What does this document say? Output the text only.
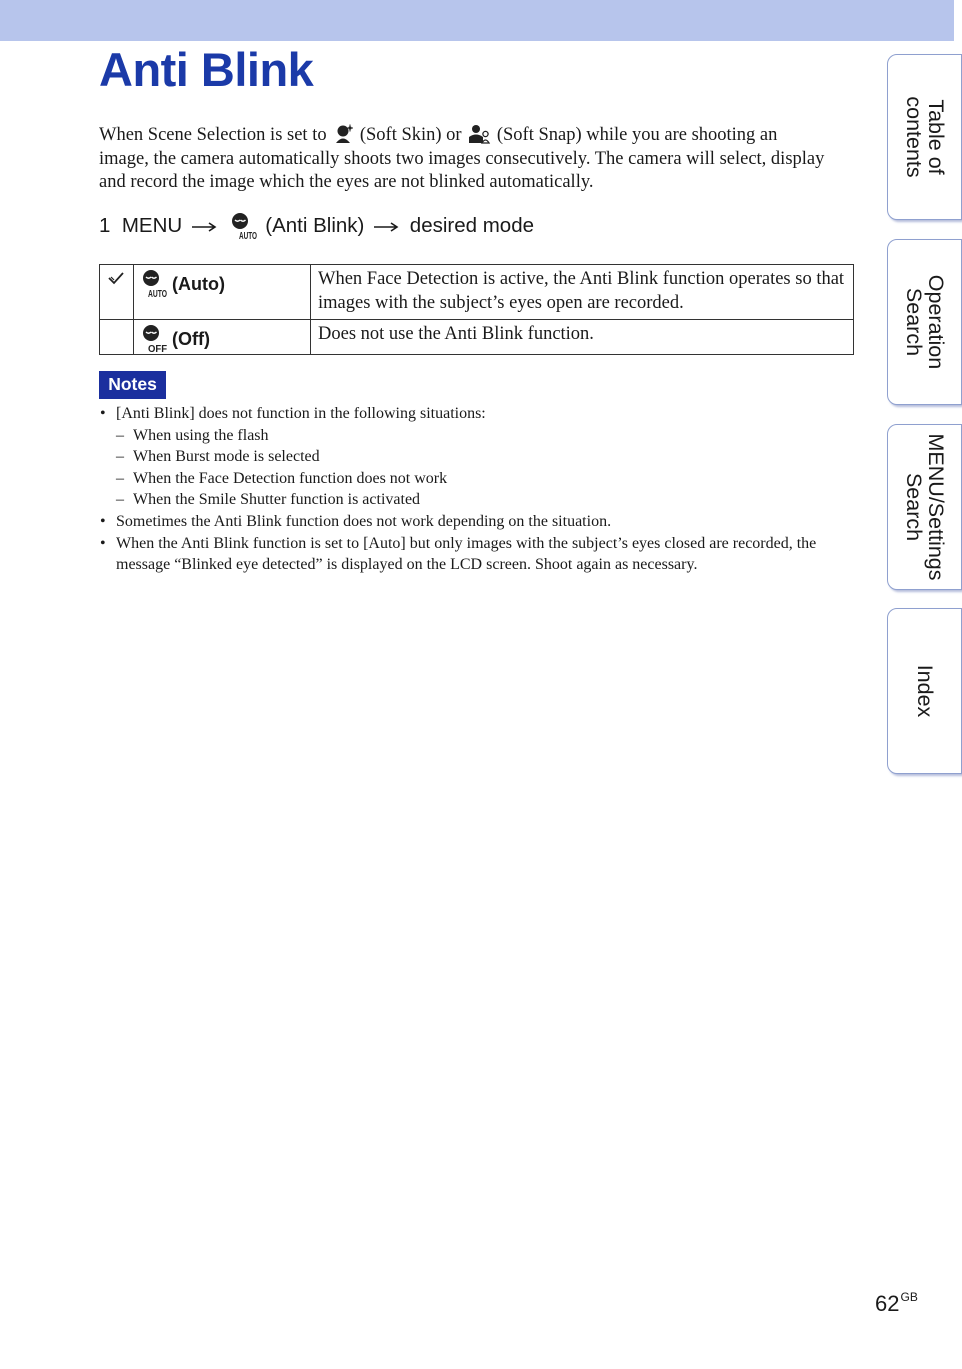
Anti Blink

When Scene Selection is set to (Soft Skin) or (Soft Snap) while you are shooting an image, the camera automatically shoots two images consecutively. The camera will select, display and record the image which the eyes are not blinked automatically.

1 MENU	AUTO (Anti Blink) desired mode

AUTO
(Auto)	When Face Detection is active, the Anti Blink function operates so that images with the subject’s eyes open are recorded.

OFF
(Off)	Does not use the Anti Blink function.
Notes
• [Anti Blink] does not function in the following situations:
– When using the flash
– When Burst mode is selected
– When the Face Detection function does not work
– When the Smile Shutter function is activated
• Sometimes the Anti Blink function does not work depending on the situation.
• When the Anti Blink function is set to [Auto] but only images with the subject’s eyes closed are recorded, the message “Blinked eye detected” is displayed on the LCD screen. Shoot again as necessary.
Table of
contents
Operation
Search
MENU/Settings
Search
Index
$62^{GB}$
